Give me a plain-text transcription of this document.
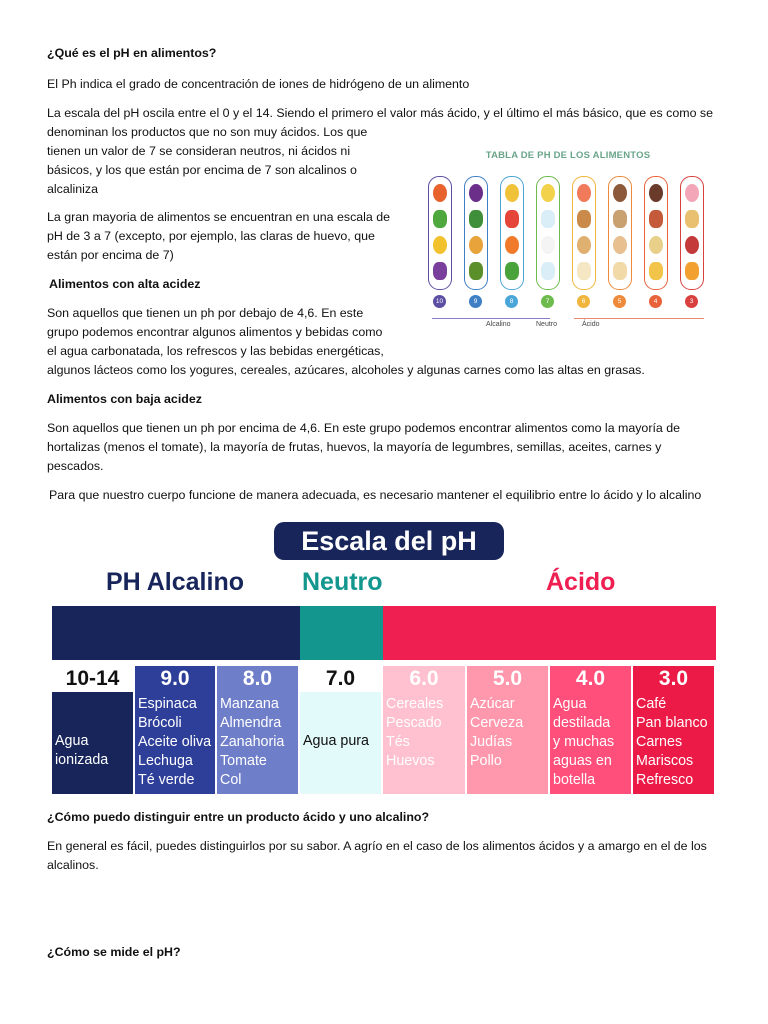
¿Qué es el pH en alimentos?

El Ph indica el grado de concentración de iones de hidrógeno de un alimento

La escala del pH oscila entre el 0 y el 14. Siendo el primero el valor más ácido, y el último el más básico, que es como se

denominan los productos que no son muy ácidos. Los que

tienen un valor de 7 se consideran neutros, ni ácidos ni

básicos, y los que están por encima de 7 son alcalinos o

alcaliniza

La gran mayoria de alimentos se encuentran en una escala de

pH de 3 a 7 (excepto, por ejemplo, las claras de huevo, que

están por encima de 7)

Alimentos con alta acidez

Son aquellos que tienen un ph por debajo de 4,6. En este

grupo podemos encontrar algunos alimentos y bebidas como

el agua carbonatada, los refrescos y las bebidas energéticas,

algunos lácteos como los yogures, cereales, azúcares, alcoholes y algunas carnes como las altas en grasas.

Alimentos con baja acidez

Son aquellos que tienen un ph por encima de 4,6. En este grupo podemos encontrar alimentos como la mayoría de

hortalizas (menos el tomate), la mayoría de frutas, huevos, la mayoría de legumbres, semillas, aceites, carnes y

pescados.

Para que nuestro cuerpo funcione de manera adecuada, es necesario mantener el equilibrio entre lo ácido y lo alcalino

TABLA DE PH DE LOS ALIMENTOS
10	9	8	7	6	5	4	3
Alcalino	Neutro	Ácido
Escala del pH
PH Alcalino Neutro	Ácido
10-14
Agua
ionizada
9.0
Espinaca
Brócoli
Aceite oliva
Lechuga
Té verde
8.0
Manzana
Almendra
Zanahoria
Tomate
Col
7.0
Agua pura
6.0
Cereales
Pescado
Tés
Huevos
5.0
Azúcar
Cerveza
Judías
Pollo
4.0
Agua
destilada
y muchas
aguas en
botella
3.0
Café
Pan blanco
Carnes
Mariscos
Refresco

¿Cómo puedo distinguir entre un producto ácido y uno alcalino?

En general es fácil, puedes distinguirlos por su sabor. A agrío en el caso de los alimentos ácidos y a amargo en el de los

alcalinos.

¿Cómo se mide el pH?
